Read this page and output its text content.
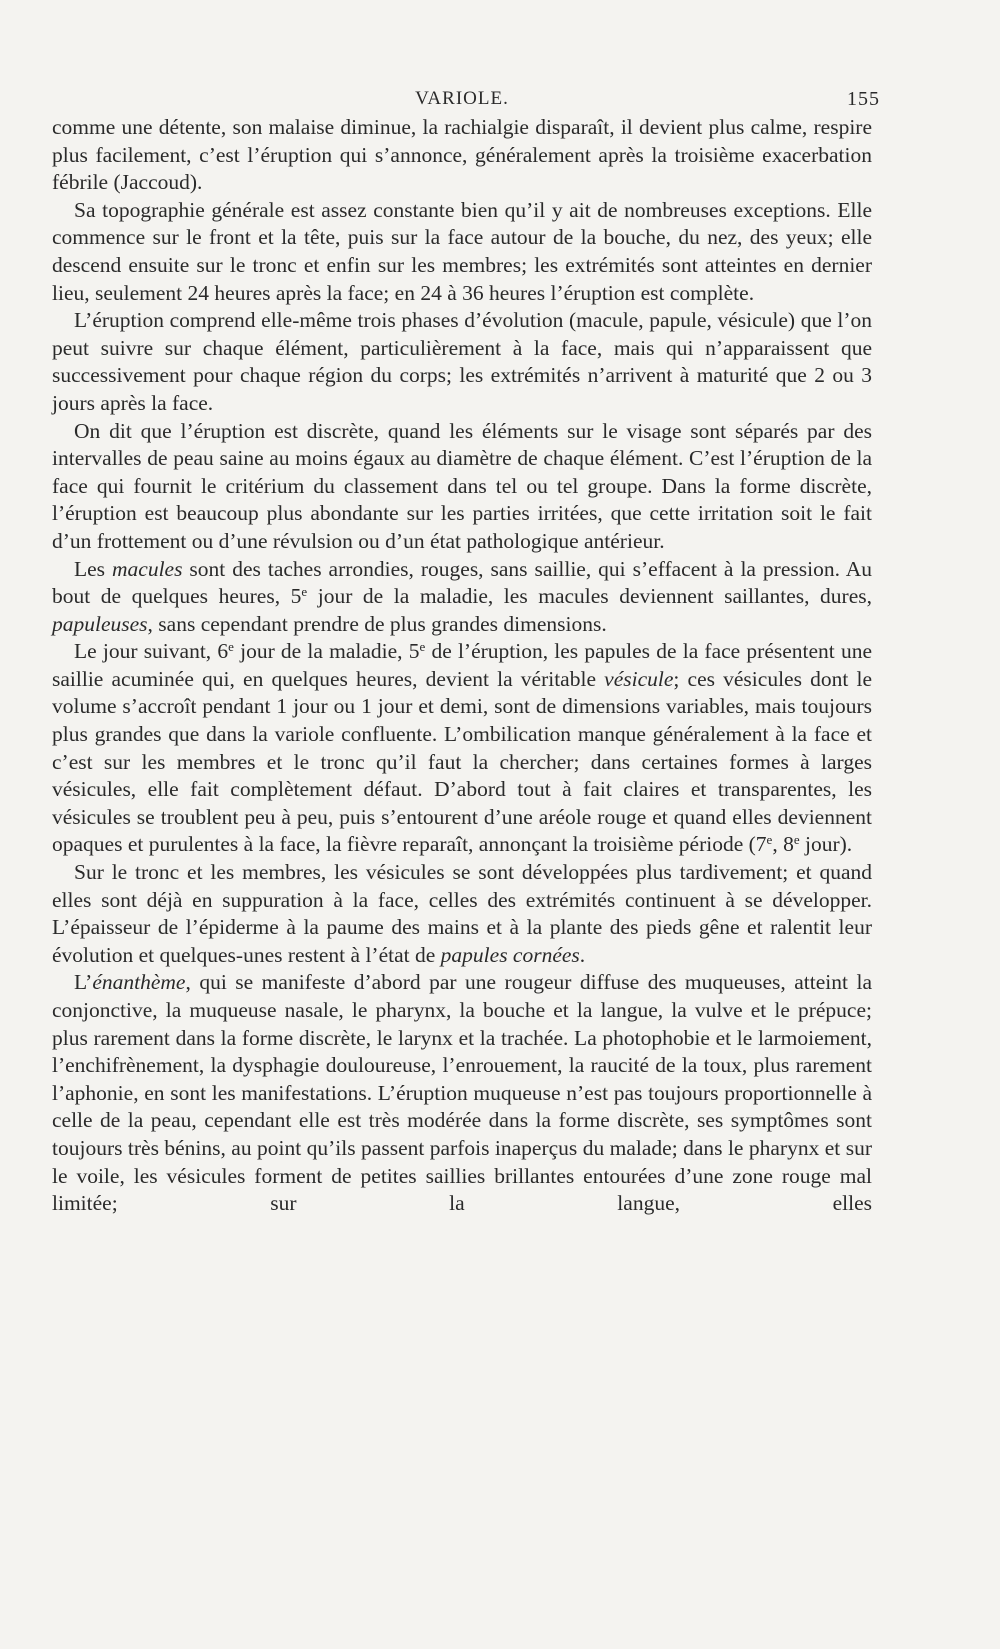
VARIOLE.	155

comme une détente, son malaise diminue, la rachialgie disparaît, il devient plus calme, respire plus facilement, c’est l’éruption qui s’annonce, généralement après la troisième exacerbation fébrile (Jaccoud).

Sa topographie générale est assez constante bien qu’il y ait de nombreuses exceptions. Elle commence sur le front et la tête, puis sur la face autour de la bouche, du nez, des yeux; elle descend ensuite sur le tronc et enfin sur les membres; les extrémités sont atteintes en dernier lieu, seulement 24 heures après la face; en 24 à 36 heures l’éruption est complète.

L’éruption comprend elle-même trois phases d’évolution (macule, papule, vésicule) que l’on peut suivre sur chaque élément, particulièrement à la face, mais qui n’apparaissent que successivement pour chaque région du corps; les extrémités n’arrivent à maturité que 2 ou 3 jours après la face.

On dit que l’éruption est discrète, quand les éléments sur le visage sont séparés par des intervalles de peau saine au moins égaux au diamètre de chaque élément. C’est l’éruption de la face qui fournit le critérium du classement dans tel ou tel groupe. Dans la forme discrète, l’éruption est beaucoup plus abondante sur les parties irritées, que cette irritation soit le fait d’un frottement ou d’une révulsion ou d’un état pathologique antérieur.

Les macules sont des taches arrondies, rouges, sans saillie, qui s’effacent à la pression. Au bout de quelques heures, 5e jour de la maladie, les macules deviennent saillantes, dures, papuleuses, sans cependant prendre de plus grandes dimensions.

Le jour suivant, 6e jour de la maladie, 5e de l’éruption, les papules de la face présentent une saillie acuminée qui, en quelques heures, devient la véritable vésicule; ces vésicules dont le volume s’accroît pendant 1 jour ou 1 jour et demi, sont de dimensions variables, mais toujours plus grandes que dans la variole confluente. L’ombilication manque généralement à la face et c’est sur les membres et le tronc qu’il faut la chercher; dans certaines formes à larges vésicules, elle fait complètement défaut. D’abord tout à fait claires et transparentes, les vésicules se troublent peu à peu, puis s’entourent d’une aréole rouge et quand elles deviennent opaques et purulentes à la face, la fièvre reparaît, annonçant la troisième période (7e, 8e jour).

Sur le tronc et les membres, les vésicules se sont développées plus tardivement; et quand elles sont déjà en suppuration à la face, celles des extrémités continuent à se développer. L’épaisseur de l’épiderme à la paume des mains et à la plante des pieds gêne et ralentit leur évolution et quelques-unes restent à l’état de papules cornées.

L’énanthème, qui se manifeste d’abord par une rougeur diffuse des muqueuses, atteint la conjonctive, la muqueuse nasale, le pharynx, la bouche et la langue, la vulve et le prépuce; plus rarement dans la forme discrète, le larynx et la trachée. La photophobie et le larmoiement, l’enchifrènement, la dysphagie douloureuse, l’enrouement, la raucité de la toux, plus rarement l’aphonie, en sont les manifestations. L’éruption muqueuse n’est pas toujours proportionnelle à celle de la peau, cependant elle est très modérée dans la forme discrète, ses symptômes sont toujours très bénins, au point qu’ils passent parfois inaperçus du malade; dans le pharynx et sur le voile, les vésicules forment de petites saillies brillantes entourées d’une zone rouge mal limitée; sur la langue, elles
